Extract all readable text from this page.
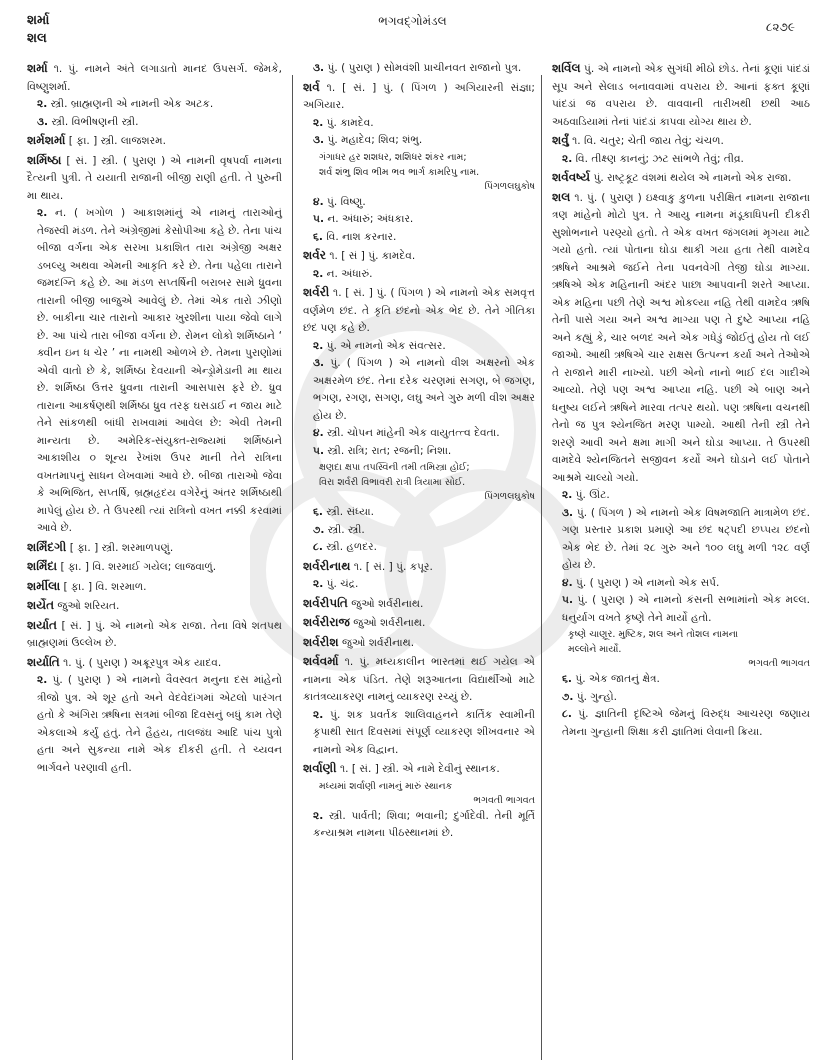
શર્મા
શલ
ભગવદ્ગોમંડલ	૮૨૭૯

શર્મા ૧. પું. નામને અંતે લગાડાતો માનદ ઉપસર્ગ. જેમકે, વિષ્ણુશર્મા.

૨. સ્ત્રી. બ્રાહ્મણની એ નામની એક અટક.

૩. સ્ત્રી. વિભીષણની સ્ત્રી.

શર્મશર્મા [ ફા. ] સ્ત્રી. લાજશરમ.

શર્મિષ્ઠા [ સં. ] સ્ત્રી. ( પુરાણ ) એ નામની વૃષપર્વા નામના દૈત્યની પુત્રી. તે યયાતી રાજાની બીજી રાણી હતી. તે પુરુની મા થાય.

૨. ન. ( ખગોળ ) આકાશમાંનું એ નામનું તારાઓનું તેજસ્વી મંડળ. તેને અંગ્રેજીમાં કેસોપીઆ કહે છે. તેના પાંચ બીજા વર્ગના એક સરખા પ્રકાશિત તારા અંગ્રેજી અક્ષર ડબલ્યુ અથવા એમની આકૃતિ કરે છે. તેના પહેલા તારાને જમદગ્નિ કહે છે. આ મંડળ સપ્તર્ષિની બરાબર સામે ધ્રુવના તારાની બીજી બાજુએ આવેલું છે. તેમાં એક તારો ઝીણો છે. બાકીના ચાર તારાનો આકાર ખુરશીના પાયા જેવો લાગે છે. આ પાંચે તારા બીજા વર્ગના છે. રોમન લોકો શર્મિષ્ઠાને ‘ ક્વીન ઇન ધ ચેર ’ ના નામથી ઓળખે છે. તેમના પુરાણોમાં એવી વાતો છે કે, શર્મિષ્ઠા દેવયાની એન્ડ્રોમેડાની મા થાય છે. શર્મિષ્ઠા ઉત્તર ધ્રુવના તારાની આસપાસ ફરે છે. ધ્રુવ તારાના આકર્ષણથી શર્મિષ્ઠા ધ્રુવ તરફ ઘસડાઈ ન જાય માટે તેને સાંકળથી બાંધી રાખવામાં આવેલ છે: એવી તેમની માન્યતા છે. અમેરિક-સંયુક્ત-રાજ્યમાં શર્મિષ્ઠાને આકાશીય ૦ શૂન્ય રેખાંશ ઉપર માની તેને રાત્રિના વખતમાપનું સાધન લેખવામાં આવે છે. બીજા તારાઓ જેવા કે અભિજિત, સપ્તર્ષિ, બ્રહ્મહૃદય વગેરેનું અંતર શર્મિષ્ઠાથી માપેલું હોય છે. તે ઉપરથી ત્યાં રાત્રિનો વખત નક્કી કરવામાં આવે છે.

શર્મિંદગી [ ફા. ] સ્ત્રી. શરમાળપણું.

શર્મિંદા [ ફા. ] વિ. શરમાઈ ગયેલ; લાજવાળું.

શર્મીલા [ ફા. ] વિ. શરમાળ.

શર્યેત જુઓ શરિયત.

શર્યાત [ સં. ] પું. એ નામનો એક રાજા. તેના વિષે શતપથ બ્રાહ્મણમાં ઉલ્લેખ છે.

શર્યાતિ ૧. પું. ( પુરાણ ) અક્રૂરપુત્ર એક યાદવ.

૨. પું. ( પુરાણ ) એ નામનો વૈવસ્વત મનુના દસ માંહેનો ત્રીજો પુત્ર. એ શૂર હતો અને વેદવેદાંગમાં એટલો પારંગત હતો કે અંગિરા ઋષિના સત્રમાં બીજા દિવસનું બધું કામ તેણે એકલાએ કર્યું હતું. તેને હૈહય, તાલજંઘ આદિ પાંચ પુત્રો હતા અને સુકન્યા નામે એક દીકરી હતી. તે ચ્યવન ભાર્ગવને પરણાવી હતી.

૩. પું. ( પુરાણ ) સોમવંશી પ્રાચીનવત રાજાનો પુત્ર.

શર્વ ૧. [ સં. ] પું. ( પિંગળ ) અગિયારની સંજ્ઞા; અગિયાર.

૨. પું. કામદેવ.

૩. પું. મહાદેવ; શિવ; શંભુ.

ગંગાધર હર શશધર, શશિધર શંકર નામ;

શર્વ શંભુ શિવ ભીમ ભવ ભાર્ગ કામરિપુ નામ.

પિંગળલઘુકોષ

૪. પું. વિષ્ણુ.

૫. ન. અંધારું; અંધકાર.

૬. વિ. નાશ કરનાર.

શર્વર ૧. [ સં ] પું. કામદેવ.

૨. ન. અંધારું.

શર્વરી ૧. [ સં. ] પું. ( પિંગળ ) એ નામનો એક સમવૃત્ત વર્ણમેળ છંદ. તે કૃતિ છંદનો એક ભેદ છે. તેને ગીતિકા છંદ પણ કહે છે.

૨. પું. એ નામનો એક સંવત્સર.

૩. પું. ( પિંગળ ) એ નામનો વીશ અક્ષરનો એક અક્ષરમેળ છંદ. તેના દરેક ચરણમાં સગણ, બે જગણ, ભગણ, રગણ, સગણ, લઘુ અને ગુરુ મળી વીશ અક્ષર હોય છે.

૪. સ્ત્રી. ચોપન માંહેની એક વાયુતત્ત્વ દેવતા.

૫. સ્ત્રી. રાત્રિ; રાત; રજની; નિશા.

ક્ષણદા ક્ષપા તપસ્વિની તમી તમિસ્ત્રા હોઈ;

વિરા શર્વરી વિભાવરી રાત્રી ત્રિયામા સોઈ.

પિંગળલઘુકોષ

૬. સ્ત્રી. સંધ્યા.

૭. સ્ત્રી. સ્ત્રી.

૮. સ્ત્રી. હળદર.

શર્વરીનાથ ૧. [ સં. ] પું. કપૂર.

૨. પું. ચંદ્ર.

શર્વરીપતિ જુઓ શર્વરીનાથ.

શર્વરીરાજ જુઓ શર્વરીનાથ.

શર્વરીશ જુઓ શર્વરીનાથ.

શર્વવર્મા ૧. પું. મધ્યકાલીન ભારતમાં થઈ ગયેલ એ નામના એક પંડિત. તેણે શરૂઆતના વિદ્યાર્થીઓ માટે કાતંત્રવ્યાકરણ નામનું વ્યાકરણ રચ્યું છે.

૨. પું. શક પ્રવર્તક શાલિવાહનને કાર્તિક સ્વામીની કૃપાથી સાત દિવસમાં સંપૂર્ણ વ્યાકરણ શીખવનાર એ નામનો એક વિદ્વાન.

શર્વાણી ૧. [ સં. ] સ્ત્રી. એ નામે દેવીનું સ્થાનક.

મધ્યમાં શર્વાણી નામનું મારું સ્થાનક

ભગવતી ભાગવત

૨. સ્ત્રી. પાર્વતી; શિવા; ભવાની; દુર્ગાદેવી. તેની મૂર્તિ કન્યાશ્રમ નામના પીઠસ્થાનમાં છે.

શર્વિલ પું. એ નામનો એક સુગંધી મીઠો છોડ. તેનાં કૂણાં પાંદડાં સૂપ અને સેલાડ બનાવવામાં વપરાય છે. આનાં ફક્ત કૂણાં પાંદડાં જ વપરાય છે. વાવવાની તારીખથી છથી આઠ અઠવાડિયામાં તેનાં પાંદડાં કાપવા યોગ્ય થાય છે.

શર્વું ૧. વિ. ચતુર; ચેતી જાય તેવું; ચંચળ.

૨. વિ. તીક્ષ્ણ કાનનું; ઝટ સાંભળે તેવું; તીવ્ર.

શર્વવર્ષ્ય પું. રાષ્ટ્રકૂટ વંશમાં થયેલ એ નામનો એક રાજા.

શલ ૧. પું. ( પુરાણ ) ઇક્ષ્વાકુ કુળના પરીક્ષિત નામના રાજાના ત્રણ માંહેનો મોટો પુત્ર. તે આયુ નામના મંડૂકાધિપની દીકરી સુશોભનાને પરણ્યો હતો. તે એક વખત જંગલમાં મૃગયા માટે ગયો હતો. ત્યાં પોતાના ઘોડા થાકી ગયા હતા તેથી વામદેવ ઋષિને આશ્રમે જઈને તેના પવનવેગી તેજી ઘોડા માગ્યા. ઋષિએ એક મહિનાની અંદર પાછા આપવાની શરતે આપ્યા. એક મહિના પછી તેણે અશ્વ મોકલ્યા નહિ તેથી વામદેવ ઋષિ તેની પાસે ગયા અને અશ્વ માગ્યા પણ તે દુષ્ટે આપ્યા નહિ અને કહ્યું કે, ચાર બળદ અને એક ગધેડું જોઈતું હોય તો લઈ જાઓ. આથી ઋષિએ ચાર રાક્ષસ ઉત્પન્ન કર્યા અને તેઓએ તે રાજાને મારી નાખ્યો. પછી એનો નાનો ભાઈ દલ ગાદીએ આવ્યો. તેણે પણ અશ્વ આપ્યા નહિ. પછી એ બાણ અને ધનુષ્ય લઈને ઋષિને મારવા તત્પર થયો. પણ ઋષિના વચનથી તેનો જ પુત્ર શ્યેનજિત મરણ પામ્યો. આથી તેની સ્ત્રી તેને શરણે આવી અને ક્ષમા માગી અને ઘોડા આપ્યા. તે ઉપરથી વામદેવે શ્યેનજિતને સજીવન કર્યો અને ઘોડાને લઈ પોતાને આશ્રમે ચાલ્યો ગયો.

૨. પું. ઊંટ.

૩. પું. ( પિંગળ ) એ નામનો એક વિષમજાતિ માત્રામેળ છંદ. ગણ પ્રસ્તાર પ્રકાશ પ્રમાણે આ છંદ ષટ્પદી છપ્પય છંદનો એક ભેદ છે. તેમાં ૨૮ ગુરુ અને ૧૦૦ લઘુ મળી ૧૨૮ વર્ણ હોય છે.

૪. પું. ( પુરાણ ) એ નામનો એક સર્પ.

૫. પું. ( પુરાણ ) એ નામનો કંસની સભામાંનો એક મલ્લ. ધનુર્યાગ વખતે કૃષ્ણે તેને માર્યો હતો.

કૃષ્ણે ચાણૂર. મુષ્ટિક, શલ અને તોશલ નામના

મલ્લોને માર્યો.

ભગવતી ભાગવત

૬. પું. એક જાતનું ક્ષેત્ર.

૭. પું. ગુન્હો.

૮. પું. જ્ઞાતિની દૃષ્ટિએ જેમનું વિરુદ્ધ આચરણ જણાય તેમના ગુન્હાની શિક્ષા કરી જ્ઞાતિમાં લેવાની ક્રિયા.
